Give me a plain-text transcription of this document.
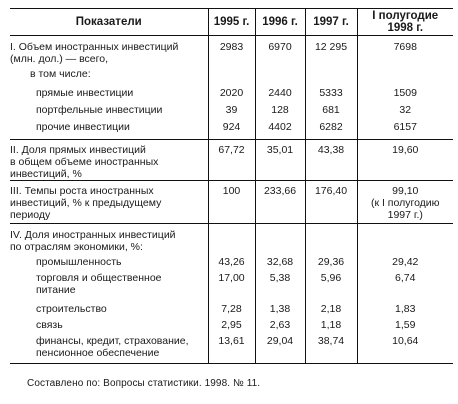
Показатели	1995 г.	1996 г.	1997 г.	I полугодие
1998 г.
I. Объем иностранных инвестиций
(млн. дол.) — всего,	2983	6970	12 295	7698
в том числе:				
прямые инвестиции	2020	2440	5333	1509
портфельные инвестиции	39	128	681	32
прочие инвестиции	924	4402	6282	6157
II. Доля прямых инвестиций
в общем объеме иностранных
инвестиций, %	67,72	35,01	43,38	19,60
III. Темпы роста иностранных
инвестиций, % к предыдущему
периоду	100	233,66	176,40	99,10
(к I полугодию
1997 г.)
IV. Доля иностранных инвестиций
по отраслям экономики, %:				
промышленность	43,26	32,68	29,36	29,42
торговля и общественное
питание	17,00	5,38	5,96	6,74
строительство	7,28	1,38	2,18	1,83
связь	2,95	2,63	1,18	1,59
финансы, кредит, страхование,
пенсионное обеспечение	13,61	29,04	38,74	10,64
Составлено по: Вопросы статистики. 1998. № 11.
